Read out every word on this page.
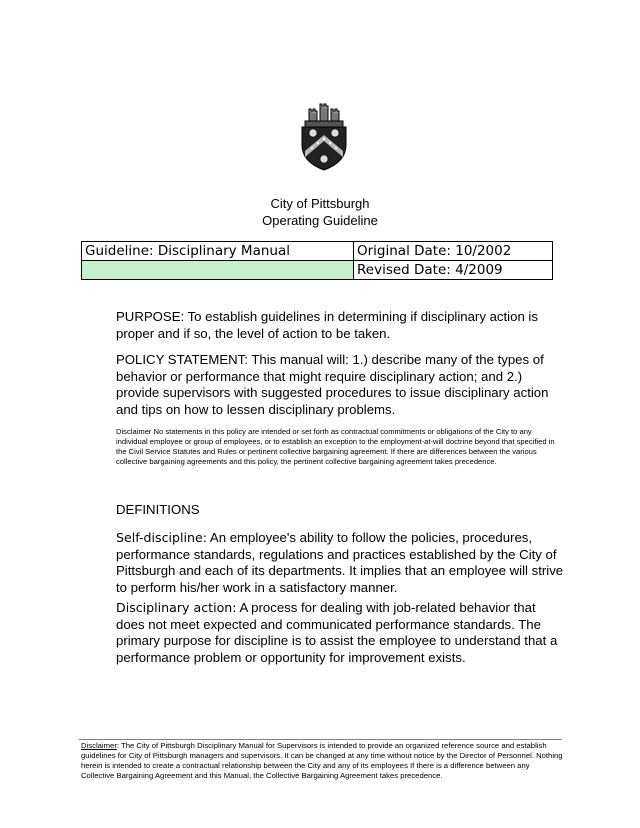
City of Pittsburgh
Operating Guideline
Guideline: Disciplinary Manual	Original Date: 10/2002
	Revised Date: 4/2009

PURPOSE: To establish guidelines in determining if disciplinary action is proper and if so, the level of action to be taken.

POLICY STATEMENT: This manual will: 1.) describe many of the types of behavior or performance that might require disciplinary action; and 2.) provide supervisors with suggested procedures to issue disciplinary action and tips on how to lessen disciplinary problems.

Disclaimer No statements in this policy are intended or set forth as contractual commitments or obligations of the City to any individual employee or group of employees, or to establish an exception to the employment-at-will doctrine beyond that specified in the Civil Service Statutes and Rules or pertinent collective bargaining agreement. If there are differences between the various collective bargaining agreements and this policy, the pertinent collective bargaining agreement takes precedence.

DEFINITIONS

Self-discipline: An employee's ability to follow the policies, procedures, performance standards, regulations and practices established by the City of Pittsburgh and each of its departments. It implies that an employee will strive to perform his/her work in a satisfactory manner.

Disciplinary action: A process for dealing with job-related behavior that does not meet expected and communicated performance standards. The primary purpose for discipline is to assist the employee to understand that a performance problem or opportunity for improvement exists.

Disclaimer: The City of Pittsburgh Disciplinary Manual for Supervisors is intended to provide an organized reference source and establish guidelines for City of Pittsburgh managers and supervisors. It can be changed at any time without notice by the Director of Personnel. Nothing herein is intended to create a contractual relationship between the City and any of its employees If there is a difference between any Collective Bargaining Agreement and this Manual, the Collective Bargaining Agreement takes precedence.
